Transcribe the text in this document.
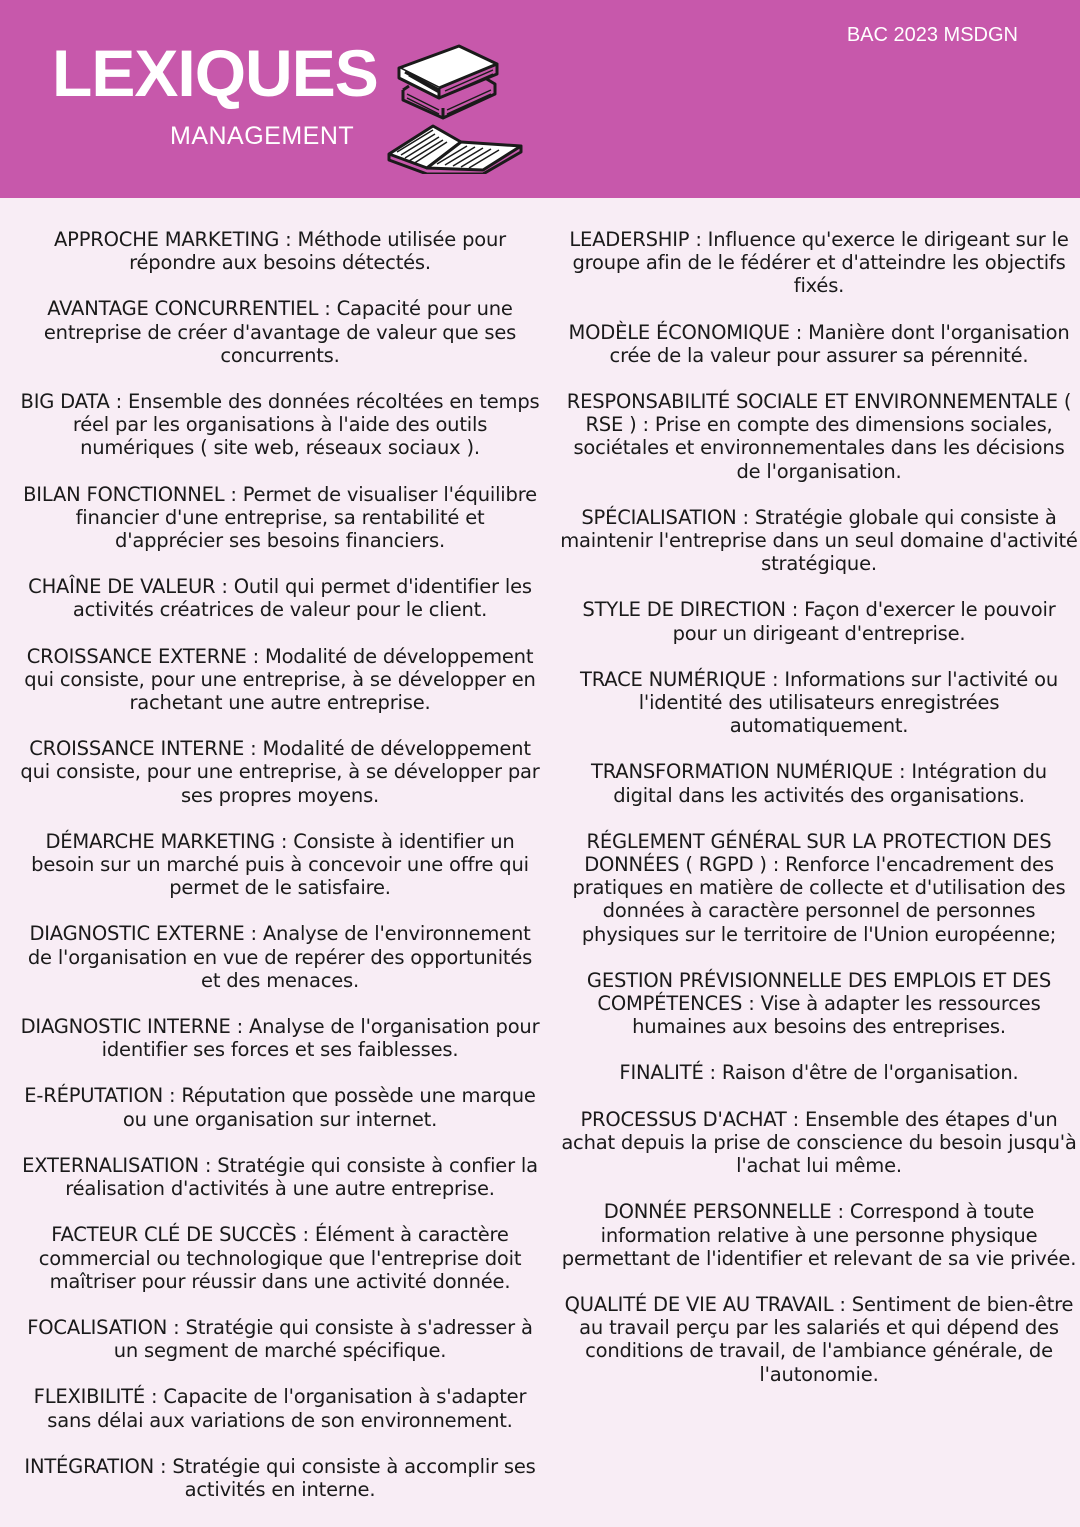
LEXIQUES
MANAGEMENT
BAC 2023 MSDGN

APPROCHE MARKETING : Méthode utilisée pour répondre aux besoins détectés.

AVANTAGE CONCURRENTIEL : Capacité pour une entreprise de créer d'avantage de valeur que ses concurrents.

BIG DATA : Ensemble des données récoltées en temps réel par les organisations à l'aide des outils numériques ( site web, réseaux sociaux ).

BILAN FONCTIONNEL : Permet de visualiser l'équilibre financier d'une entreprise, sa rentabilité et d'apprécier ses besoins financiers.

CHAÎNE DE VALEUR : Outil qui permet d'identifier les activités créatrices de valeur pour le client.

CROISSANCE EXTERNE : Modalité de développement qui consiste, pour une entreprise, à se développer en rachetant une autre entreprise.

CROISSANCE INTERNE : Modalité de développement qui consiste, pour une entreprise, à se développer par ses propres moyens.

DÉMARCHE MARKETING : Consiste à identifier un besoin sur un marché puis à concevoir une offre qui permet de le satisfaire.

DIAGNOSTIC EXTERNE : Analyse de l'environnement de l'organisation en vue de repérer des opportunités et des menaces.

DIAGNOSTIC INTERNE : Analyse de l'organisation pour identifier ses forces et ses faiblesses.

E-RÉPUTATION : Réputation que possède une marque ou une organisation sur internet.

EXTERNALISATION : Stratégie qui consiste à confier la réalisation d'activités à une autre entreprise.

FACTEUR CLÉ DE SUCCÈS : Élément à caractère commercial ou technologique que l'entreprise doit maîtriser pour réussir dans une activité donnée.

FOCALISATION : Stratégie qui consiste à s'adresser à un segment de marché spécifique.

FLEXIBILITÉ : Capacite de l'organisation à s'adapter sans délai aux variations de son environnement.

INTÉGRATION : Stratégie qui consiste à accomplir ses activités en interne.

LEADERSHIP : Influence qu'exerce le dirigeant sur le groupe afin de le fédérer et d'atteindre les objectifs fixés.

MODÈLE ÉCONOMIQUE : Manière dont l'organisation crée de la valeur pour assurer sa pérennité.

RESPONSABILITÉ SOCIALE ET ENVIRONNEMENTALE ( RSE ) : Prise en compte des dimensions sociales, sociétales et environnementales dans les décisions de l'organisation.

SPÉCIALISATION : Stratégie globale qui consiste à maintenir l'entreprise dans un seul domaine d'activité stratégique.

STYLE DE DIRECTION : Façon d'exercer le pouvoir pour un dirigeant d'entreprise.

TRACE NUMÉRIQUE : Informations sur l'activité ou l'identité des utilisateurs enregistrées automatiquement.

TRANSFORMATION NUMÉRIQUE : Intégration du digital dans les activités des organisations.

RÉGLEMENT GÉNÉRAL SUR LA PROTECTION DES DONNÉES ( RGPD ) : Renforce l'encadrement des pratiques en matière de collecte et d'utilisation des données à caractère personnel de personnes physiques sur le territoire de l'Union européenne;

GESTION PRÉVISIONNELLE DES EMPLOIS ET DES COMPÉTENCES : Vise à adapter les ressources humaines aux besoins des entreprises.

FINALITÉ : Raison d'être de l'organisation.

PROCESSUS D'ACHAT : Ensemble des étapes d'un achat depuis la prise de conscience du besoin jusqu'à l'achat lui même.

DONNÉE PERSONNELLE : Correspond à toute information relative à une personne physique permettant de l'identifier et relevant de sa vie privée.

QUALITÉ DE VIE AU TRAVAIL : Sentiment de bien-être au travail perçu par les salariés et qui dépend des conditions de travail, de l'ambiance générale, de l'autonomie.
